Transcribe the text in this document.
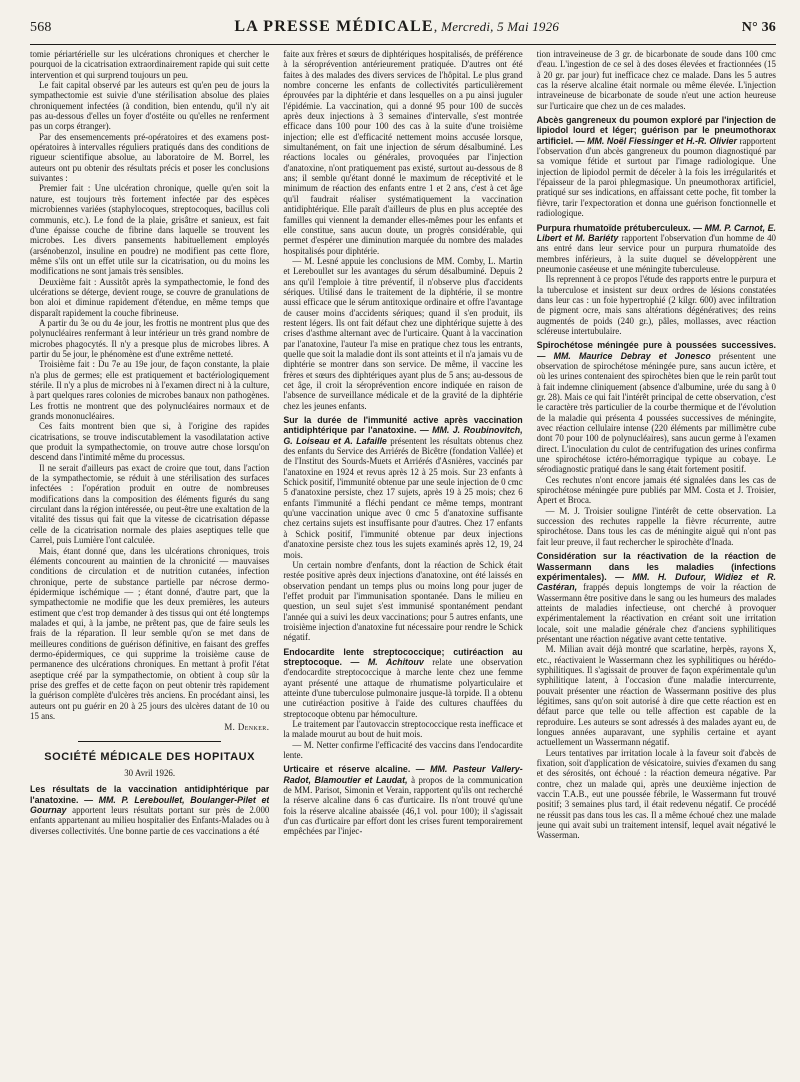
568	LA PRESSE MÉDICALE, Mercredi, 5 Mai 1926	N° 36

tomie périartérielle sur les ulcérations chroniques et chercher le pourquoi de la cicatrisation extraordinairement rapide qui suit cette intervention et qui surprend toujours un peu.

Le fait capital observé par les auteurs est qu'en peu de jours la sympathectomie est suivie d'une stérilisation absolue des plaies chroniquement infectées (à condition, bien entendu, qu'il n'y ait pas au-dessous d'elles un foyer d'ostéite ou qu'elles ne renferment pas un corps étranger).

Par des ensemencements pré-opératoires et des examens post-opératoires à intervalles réguliers pratiqués dans des conditions de rigueur scientifique absolue, au laboratoire de M. Borrel, les auteurs ont pu obtenir des résultats précis et poser les conclusions suivantes :

Premier fait : Une ulcération chronique, quelle qu'en soit la nature, est toujours très fortement infectée par des espèces microbiennes variées (staphylocoques, streptocoques, bacillus coli communis, etc.). Le fond de la plaie, grisâtre et sanieux, est fait d'une épaisse couche de fibrine dans laquelle se trouvent les microbes. Les divers pansements habituellement employés (arsénobenzol, insuline en poudre) ne modifient pas cette flore, même s'ils ont un effet utile sur la cicatrisation, ou du moins les modifications ne sont jamais très sensibles.

Deuxième fait : Aussitôt après la sympathectomie, le fond des ulcérations se déterge, devient rouge, se couvre de granulations de bon aloi et diminue rapidement d'étendue, en même temps que disparaît rapidement la couche fibrineuse.

A partir du 3e ou du 4e jour, les frottis ne montrent plus que des polynucléaires renfermant à leur intérieur un très grand nombre de microbes phagocytés. Il n'y a presque plus de microbes libres. A partir du 5e jour, le phénomène est d'une extrême netteté.

Troisième fait : Du 7e au 19e jour, de façon constante, la plaie n'a plus de germes; elle est pratiquement et bactériologiquement stérile. Il n'y a plus de microbes ni à l'examen direct ni à la culture, à part quelques rares colonies de microbes banaux non pathogènes. Les frottis ne montrent que des polynucléaires normaux et de grands mononucléaires.

Ces faits montrent bien que si, à l'origine des rapides cicatrisations, se trouve indiscutablement la vasodilatation active que produit la sympathectomie, on trouve autre chose lorsqu'on descend dans l'intimité même du processus.

Il ne serait d'ailleurs pas exact de croire que tout, dans l'action de la sympathectomie, se réduit à une stérilisation des surfaces infectées : l'opération produit en outre de nombreuses modifications dans la composition des éléments figurés du sang circulant dans la région intéressée, ou peut-être une exaltation de la vitalité des tissus qui fait que la vitesse de cicatrisation dépasse celle de la cicatrisation normale des plaies aseptiques telle que Carrel, puis Lumière l'ont calculée.

Mais, étant donné que, dans les ulcérations chroniques, trois éléments concourent au maintien de la chronicité — mauvaises conditions de circulation et de nutrition cutanées, infection chronique, perte de substance partielle par nécrose dermo-épidermique ischémique — ; étant donné, d'autre part, que la sympathectomie ne modifie que les deux premières, les auteurs estiment que c'est trop demander à des tissus qui ont été longtemps malades et qui, à la jambe, ne prêtent pas, que de faire seuls les frais de la réparation. Il leur semble qu'on se met dans de meilleures conditions de guérison définitive, en faisant des greffes dermo-épidermiques, ce qui supprime la troisième cause de permanence des ulcérations chroniques. En mettant à profit l'état aseptique créé par la sympathectomie, on obtient à coup sûr la prise des greffes et de cette façon on peut obtenir très rapidement la guérison complète d'ulcères très anciens. En procédant ainsi, les auteurs ont pu guérir en 20 à 25 jours des ulcères datant de 10 ou 15 ans.

M. Denker.
SOCIÉTÉ MÉDICALE DES HOPITAUX
30 Avril 1926.
Les résultats de la vaccination antidiphtérique par l'anatoxine. — MM. P. Lereboullet, Boulanger-Pilet et Gournay apportent leurs résultats portant sur près de 2.000 enfants appartenant au milieu hospitalier des Enfants-Malades ou à diverses collectivités. Une bonne partie de ces vaccinations a été

faite aux frères et sœurs de diphtériques hospitalisés, de préférence à la séroprévention antérieurement pratiquée. D'autres ont été faites à des malades des divers services de l'hôpital. Le plus grand nombre concerne les enfants de collectivités particulièrement éprouvées par la diphtérie et dans lesquelles on a pu ainsi juguler l'épidémie. La vaccination, qui a donné 95 pour 100 de succès après deux injections à 3 semaines d'intervalle, s'est montrée efficace dans 100 pour 100 des cas à la suite d'une troisième injection; elle est d'efficacité nettement moins accusée lorsque, simultanément, on fait une injection de sérum désalbuminé. Les réactions locales ou générales, provoquées par l'injection d'anatoxine, n'ont pratiquement pas existé, surtout au-dessous de 8 ans; il semble qu'étant donné le maximum de réceptivité et le minimum de réaction des enfants entre 1 et 2 ans, c'est à cet âge qu'il faudrait réaliser systématiquement la vaccination antidiphtérique. Elle paraît d'ailleurs de plus en plus acceptée des familles qui viennent la demander elles-mêmes pour les enfants et elle constitue, sans aucun doute, un progrès considérable, qui permet d'espérer une diminution marquée du nombre des malades hospitalisés pour diphtérie.

— M. Lesné appuie les conclusions de MM. Comby, L. Martin et Lereboullet sur les avantages du sérum désalbuminé. Depuis 2 ans qu'il l'emploie à titre préventif, il n'observe plus d'accidents sériques. Utilisé dans le traitement de la diphtérie, il se montre aussi efficace que le sérum antitoxique ordinaire et offre l'avantage de causer moins d'accidents sériques; quand il s'en produit, ils restent légers. Ils ont fait défaut chez une diphtérique sujette à des crises d'asthme alternant avec de l'urticaire. Quant à la vaccination par l'anatoxine, l'auteur l'a mise en pratique chez tous les entrants, quelle que soit la maladie dont ils sont atteints et il n'a jamais vu de diphtérie se montrer dans son service. De même, il vaccine les frères et sœurs des diphtériques ayant plus de 5 ans; au-dessous de cet âge, il croit la séroprévention encore indiquée en raison de l'absence de surveillance médicale et de la gravité de la diphtérie chez les jeunes enfants.

Sur la durée de l'immunité active après vaccination antidiphtérique par l'anatoxine. — MM. J. Roubinovitch, G. Loiseau et A. Lafaille présentent les résultats obtenus chez des enfants du Service des Arriérés de Bicêtre (fondation Vallée) et de l'Institut des Sourds-Muets et Arriérés d'Asnières, vaccinés par l'anatoxine en 1924 et revus après 12 à 25 mois. Sur 23 enfants à Schick positif, l'immunité obtenue par une seule injection de 0 cmc 5 d'anatoxine persiste, chez 17 sujets, après 19 à 25 mois; chez 6 enfants l'immunité a fléchi pendant ce même temps, montrant qu'une vaccination unique avec 0 cmc 5 d'anatoxine suffisante chez certains sujets est insuffisante pour d'autres. Chez 17 enfants à Schick positif, l'immunité obtenue par deux injections d'anatoxine persiste chez tous les sujets examinés après 12, 19, 24 mois.

Un certain nombre d'enfants, dont la réaction de Schick était restée positive après deux injections d'anatoxine, ont été laissés en observation pendant un temps plus ou moins long pour juger de l'effet produit par l'immunisation spontanée. Dans le milieu en question, un seul sujet s'est immunisé spontanément pendant l'année qui a suivi les deux vaccinations; pour 5 autres enfants, une troisième injection d'anatoxine fut nécessaire pour rendre le Schick négatif.

Endocardite lente streptococcique; cutiréaction au streptocoque. — M. Achitouv relate une observation d'endocardite streptococcique à marche lente chez une femme ayant présenté une attaque de rhumatisme polyarticulaire et atteinte d'une tuberculose pulmonaire jusque-là torpide. Il a obtenu une cutiréaction positive à l'aide des cultures chauffées du streptocoque obtenu par hémoculture.

Le traitement par l'autovaccin streptococcique resta inefficace et la malade mourut au bout de huit mois.

— M. Netter confirme l'efficacité des vaccins dans l'endocardite lente.

Urticaire et réserve alcaline. — MM. Pasteur Vallery-Radot, Blamoutier et Laudat, à propos de la communication de MM. Parisot, Simonin et Verain, rapportent qu'ils ont recherché la réserve alcaline dans 6 cas d'urticaire. Ils n'ont trouvé qu'une fois la réserve alcaline abaissée (46,1 vol. pour 100); il s'agissait d'un cas d'urticaire par effort dont les crises furent temporairement empêchées par l'injec-

tion intraveineuse de 3 gr. de bicarbonate de soude dans 100 cmc d'eau. L'ingestion de ce sel à des doses élevées et fractionnées (15 à 20 gr. par jour) fut inefficace chez ce malade. Dans les 5 autres cas la réserve alcaline était normale ou même élevée. L'injection intraveineuse de bicarbonate de soude n'eut une action heureuse sur l'urticaire que chez un de ces malades.

Abcès gangreneux du poumon exploré par l'injection de lipiodol lourd et léger; guérison par le pneumothorax artificiel. — MM. Noël Fiessinger et H.-R. Olivier rapportent l'observation d'un abcès gangreneux du poumon diagnostiqué par sa vomique fétide et surtout par l'image radiologique. Une injection de lipiodol permit de déceler à la fois les irrégularités et l'épaisseur de la paroi phlegmasique. Un pneumothorax artificiel, pratiqué sur ses indications, en affaissant cette poche, fit tomber la fièvre, tarir l'expectoration et donna une guérison fonctionnelle et radiologique.
Purpura rhumatoïde prétuberculeux. — MM. P. Carnot, E. Libert et M. Bariéty rapportent l'observation d'un homme de 40 ans entré dans leur service pour un purpura rhumatoïde des membres inférieurs, à la suite duquel se développèrent une pneumonie caséeuse et une méningite tuberculeuse.

Ils reprennent à ce propos l'étude des rapports entre le purpura et la tuberculose et insistent sur deux ordres de lésions constatées dans leur cas : un foie hypertrophié (2 kilgr. 600) avec infiltration de pigment ocre, mais sans altérations dégénératives; des reins augmentés de poids (240 gr.), pâles, mollasses, avec réaction scléreuse intertubulaire.

Spirochétose méningée pure à poussées successives. — MM. Maurice Debray et Jonesco présentent une observation de spirochétose méningée pure, sans aucun ictère, et où les urines contenaient des spirochètes bien que le rein parût tout à fait indemne cliniquement (absence d'albumine, urée du sang à 0 gr. 28). Mais ce qui fait l'intérêt principal de cette observation, c'est le caractère très particulier de la courbe thermique et de l'évolution de la maladie qui présenta 4 poussées successives de méningite, avec réaction cellulaire intense (220 éléments par millimètre cube dont 70 pour 100 de polynucléaires), sans aucun germe à l'examen direct. L'inoculation du culot de centrifugation des urines confirma une spirochétose ictéro-hémorragique typique au cobaye. Le sérodiagnostic pratiqué dans le sang était fortement positif.

Ces rechutes n'ont encore jamais été signalées dans les cas de spirochétose méningée pure publiés par MM. Costa et J. Troisier, Apert et Broca.

— M. J. Troisier souligne l'intérêt de cette observation. La succession des rechutes rappelle la fièvre récurrente, autre spirochétose. Dans tous les cas de méningite aiguë qui n'ont pas fait leur preuve, il faut rechercher le spirochète d'Inada.

Considération sur la réactivation de la réaction de Wassermann dans les maladies (infections expérimentales). — MM. H. Dufour, Widiez et R. Castéran, frappés depuis longtemps de voir la réaction de Wassermann être positive dans le sang ou les humeurs des malades atteints de maladies infectieuse, ont cherché à provoquer expérimentalement la réactivation en créant soit une irritation locale, soit une maladie générale chez d'anciens syphilitiques présentant une réaction négative avant cette tentative.

M. Milian avait déjà montré que scarlatine, herpès, rayons X, etc., réactivaient le Wassermann chez les syphilitiques ou hérédo-syphilitiques. Il s'agissait de prouver de façon expérimentale qu'un syphilitique latent, à l'occasion d'une maladie intercurrente, pouvait présenter une réaction de Wassermann positive des plus légitimes, sans qu'on soit autorisé à dire que cette réaction est en défaut parce que telle ou telle affection est capable de la reproduire. Les auteurs se sont adressés à des malades ayant eu, de longues années auparavant, une syphilis certaine et ayant actuellement un Wassermann négatif.

Leurs tentatives par irritation locale à la faveur soit d'abcès de fixation, soit d'application de vésicatoire, suivies d'examen du sang et des sérosités, ont échoué : la réaction demeura négative. Par contre, chez un malade qui, après une deuxième injection de vaccin T.A.B., eut une poussée fébrile, le Wassermann fut trouvé positif; 3 semaines plus tard, il était redevenu négatif. Ce procédé ne réussit pas dans tous les cas. Il a même échoué chez une malade jeune qui avait subi un traitement intensif, lequel avait négativé le Wasserman.
